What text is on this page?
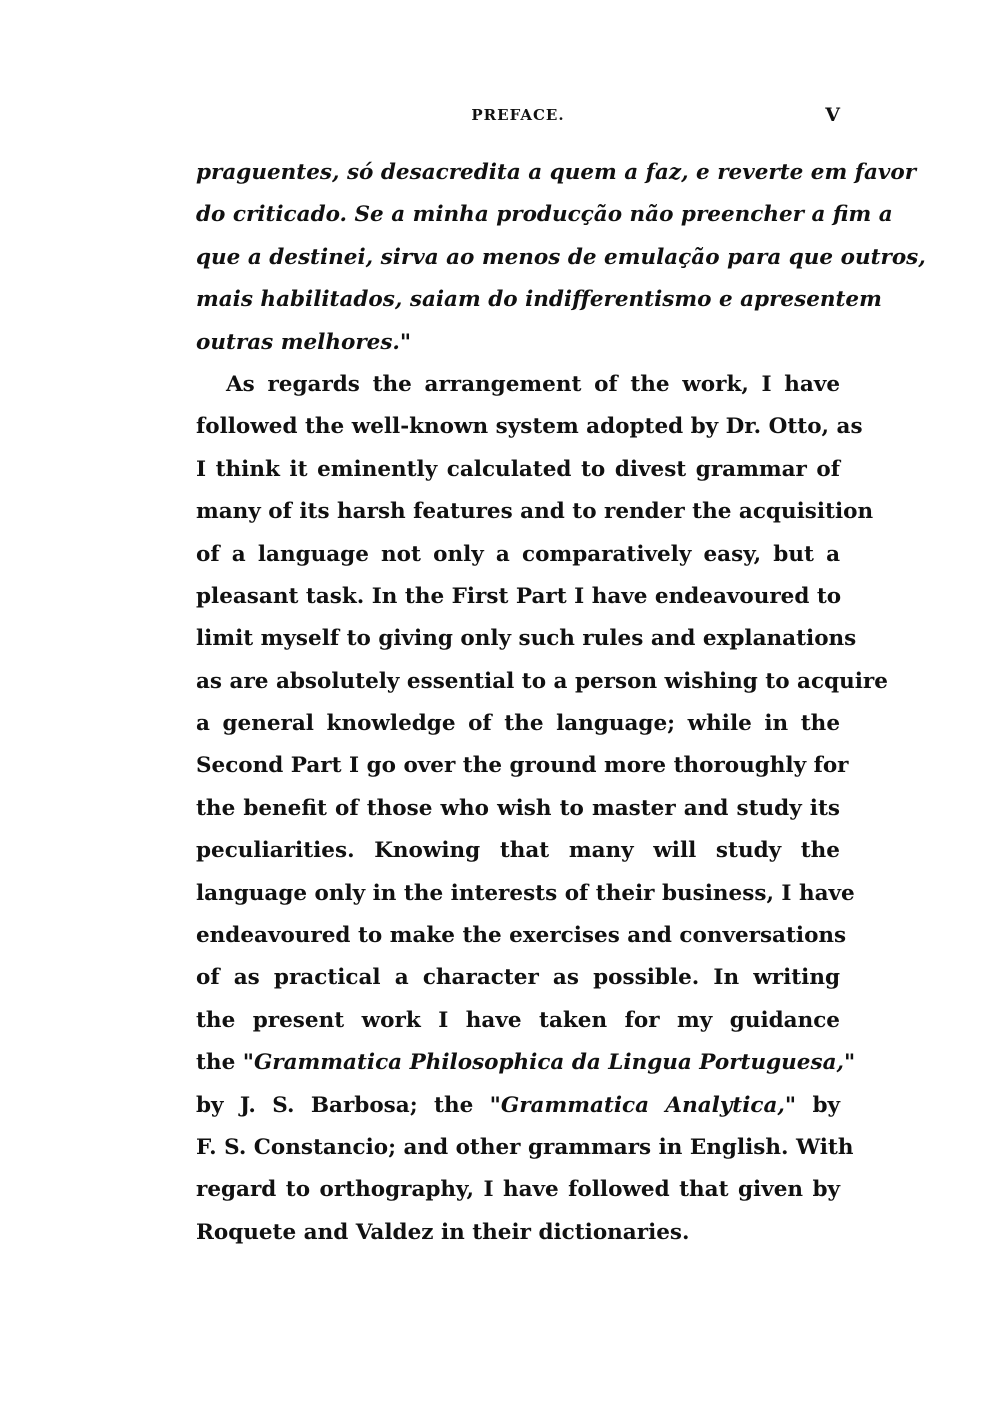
PREFACE.	V
praguentes, só desacredita a quem a faz, e reverte em favor
do criticado. Se a minha producção não preencher a fim a
que a destinei, sirva ao menos de emulação para que outros,
mais habilitados, saiam do indifferentismo e apresentem
outras melhores."
As regards the arrangement of the work, I have
followed the well-known system adopted by Dr. Otto, as
I think it eminently calculated to divest grammar of
many of its harsh features and to render the acquisition
of a language not only a comparatively easy, but a
pleasant task. In the First Part I have endeavoured to
limit myself to giving only such rules and explanations
as are absolutely essential to a person wishing to acquire
a general knowledge of the language; while in the
Second Part I go over the ground more thoroughly for
the benefit of those who wish to master and study its
peculiarities. Knowing that many will study the
language only in the interests of their business, I have
endeavoured to make the exercises and conversations
of as practical a character as possible. In writing
the present work I have taken for my guidance
the "Grammatica Philosophica da Lingua Portuguesa,"
by J. S. Barbosa; the "Grammatica Analytica," by
F. S. Constancio; and other grammars in English. With
regard to orthography, I have followed that given by
Roquete and Valdez in their dictionaries.
